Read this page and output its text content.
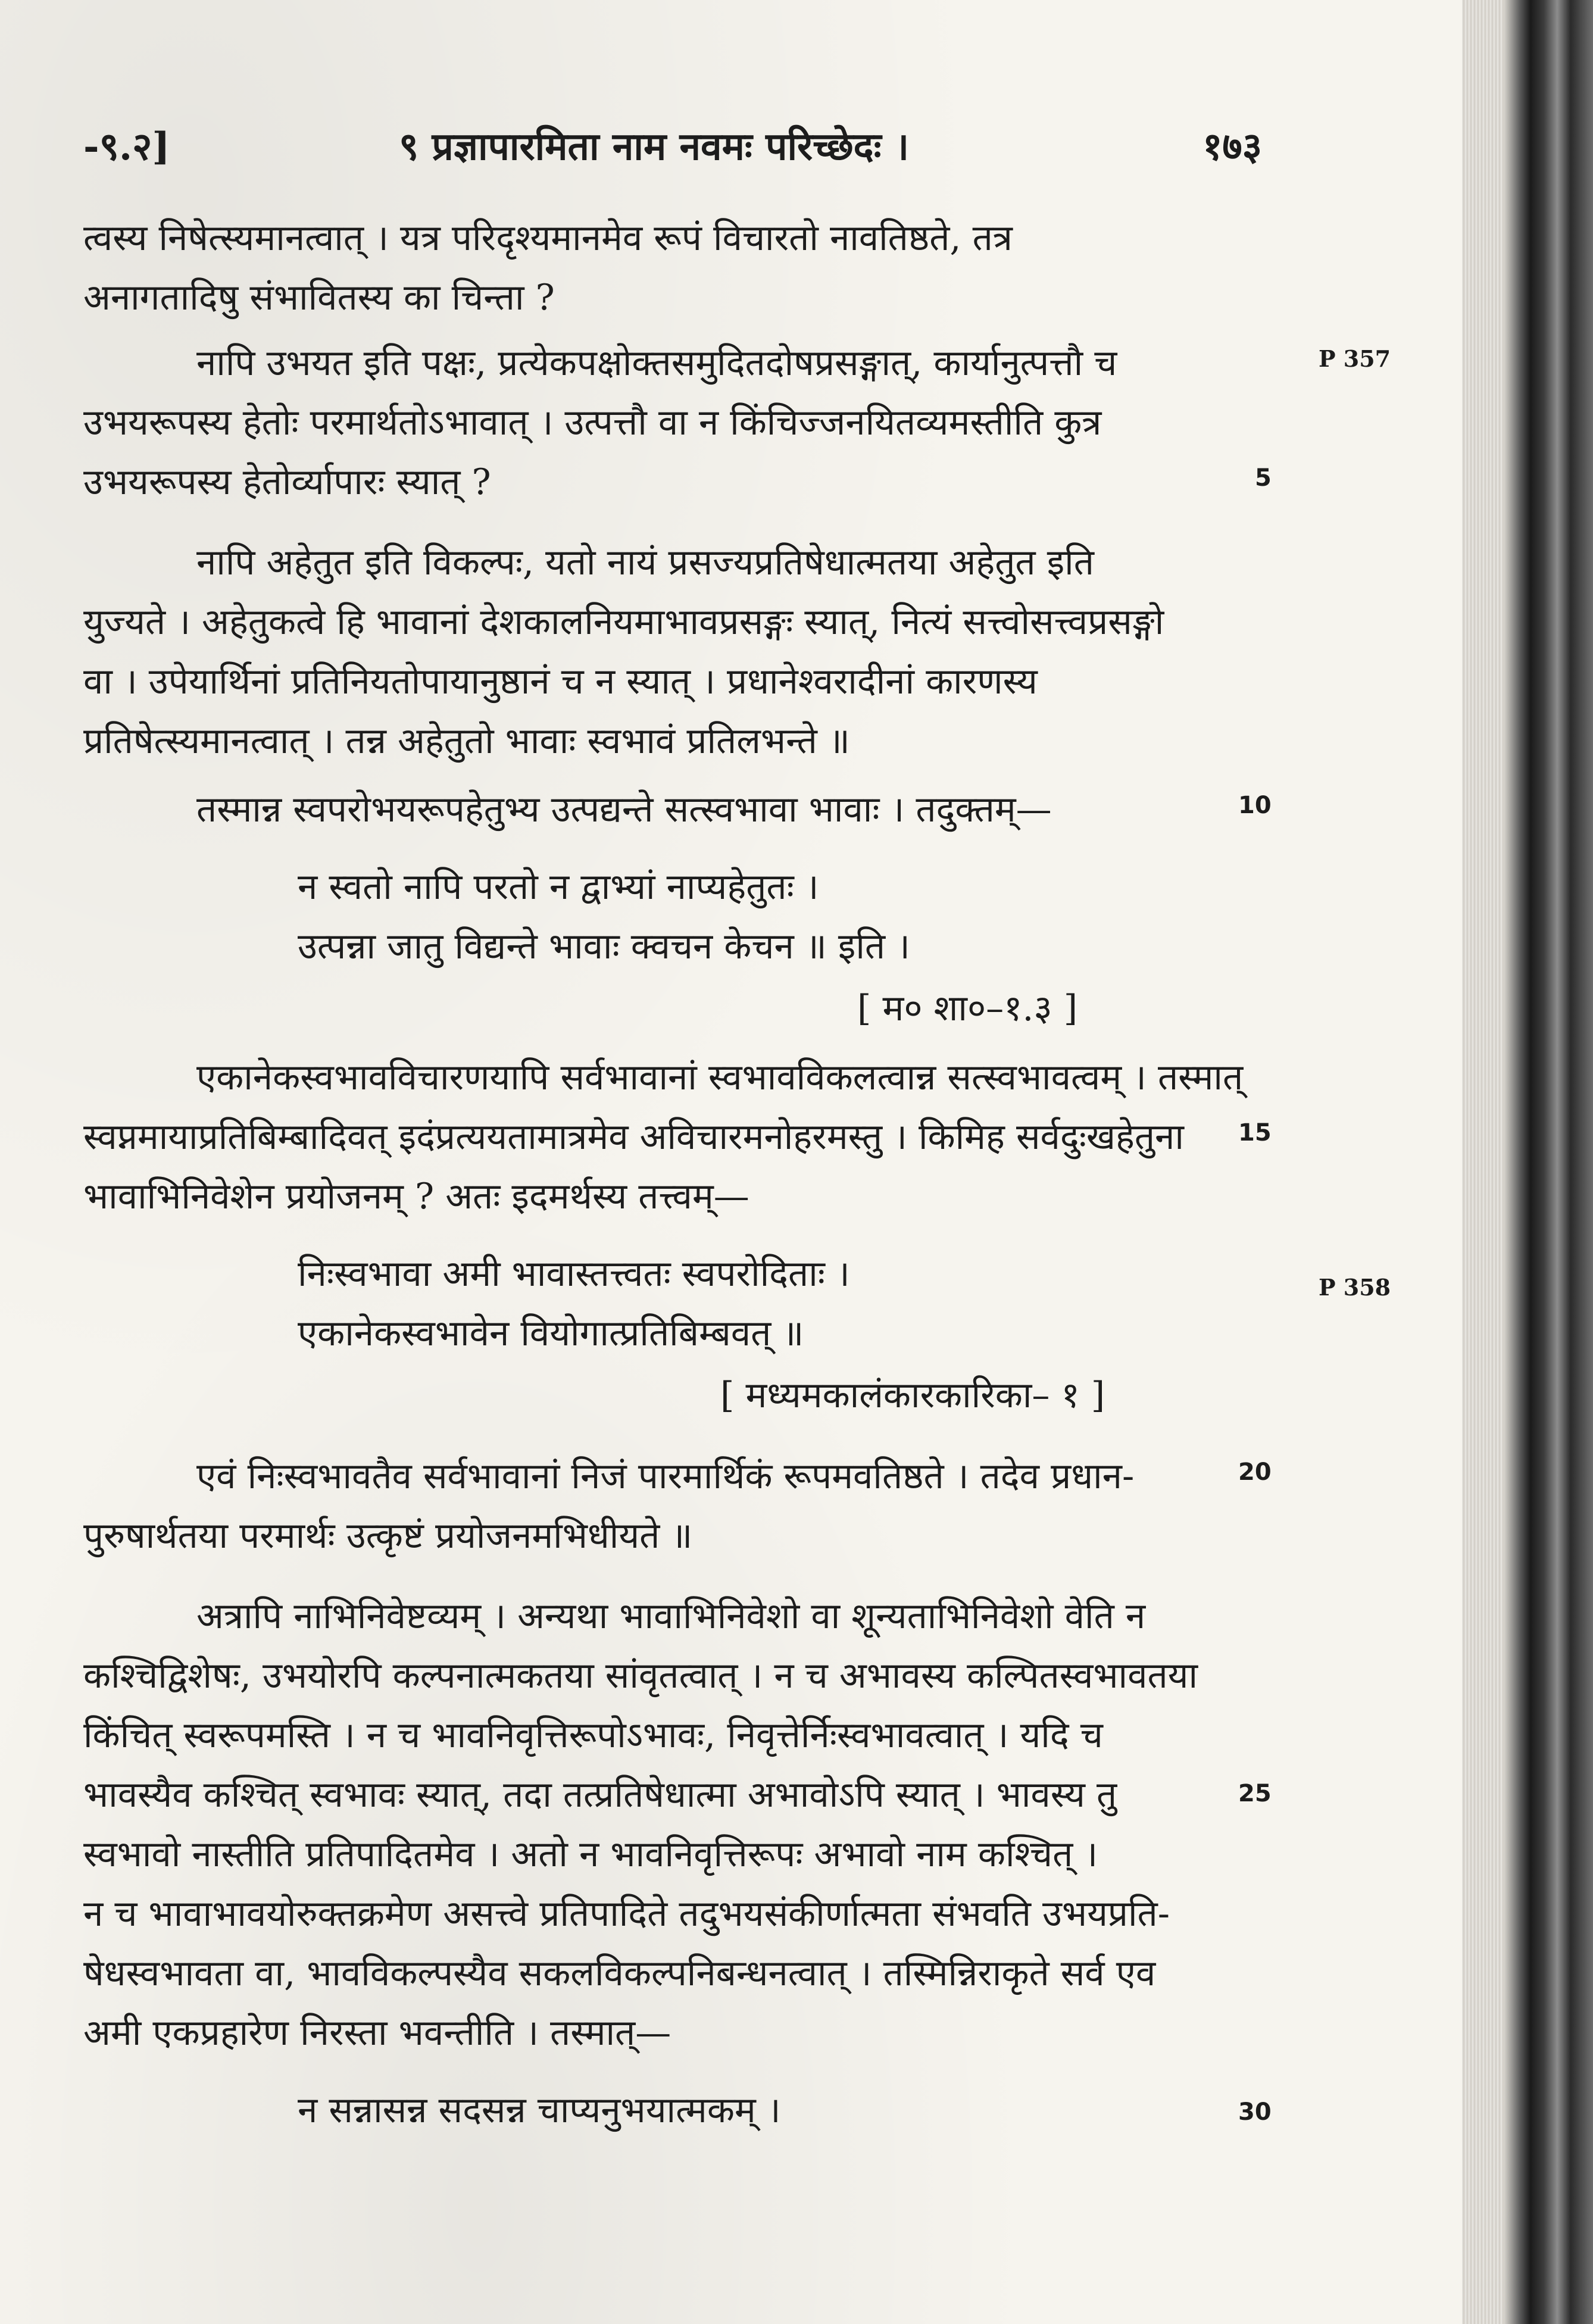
-९.२]	९ प्रज्ञापारमिता नाम नवमः परिच्छेदः ।	१७३
त्वस्य निषेत्स्यमानत्वात् । यत्र परिदृश्यमानमेव रूपं विचारतो नावतिष्ठते, तत्र
अनागतादिषु संभावितस्य का चिन्ता ?
नापि उभयत इति पक्षः, प्रत्येकपक्षोक्तसमुदितदोषप्रसङ्गात्, कार्यानुत्पत्तौ च
उभयरूपस्य हेतोः परमार्थतोऽभावात् । उत्पत्तौ वा न किंचिज्जनयितव्यमस्तीति कुत्र
उभयरूपस्य हेतोर्व्यापारः स्यात् ?
नापि अहेतुत इति विकल्पः, यतो नायं प्रसज्यप्रतिषेधात्मतया अहेतुत इति
युज्यते । अहेतुकत्वे हि भावानां देशकालनियमाभावप्रसङ्गः स्यात्, नित्यं सत्त्वोसत्त्वप्रसङ्गो
वा । उपेयार्थिनां प्रतिनियतोपायानुष्ठानं च न स्यात् । प्रधानेश्वरादीनां कारणस्य
प्रतिषेत्स्यमानत्वात् । तन्न अहेतुतो भावाः स्वभावं प्रतिलभन्ते ॥
तस्मान्न स्वपरोभयरूपहेतुभ्य उत्पद्यन्ते सत्स्वभावा भावाः । तदुक्तम्—
न स्वतो नापि परतो न द्वाभ्यां नाप्यहेतुतः ।
उत्पन्ना जातु विद्यन्ते भावाः क्वचन केचन ॥ इति ।
[ म० शा०–१.३ ]
एकानेकस्वभावविचारणयापि सर्वभावानां स्वभावविकलत्वान्न सत्स्वभावत्वम् । तस्मात्
स्वप्नमायाप्रतिबिम्बादिवत् इदंप्रत्ययतामात्रमेव अविचारमनोहरमस्तु । किमिह सर्वदुःखहेतुना
भावाभिनिवेशेन प्रयोजनम् ? अतः इदमर्थस्य तत्त्वम्—
निःस्वभावा अमी भावास्तत्त्वतः स्वपरोदिताः ।
एकानेकस्वभावेन वियोगात्प्रतिबिम्बवत् ॥
[ मध्यमकालंकारकारिका– १ ]
एवं निःस्वभावतैव सर्वभावानां निजं पारमार्थिकं रूपमवतिष्ठते । तदेव प्रधान-
पुरुषार्थतया परमार्थः उत्कृष्टं प्रयोजनमभिधीयते ॥
अत्रापि नाभिनिवेष्टव्यम् । अन्यथा भावाभिनिवेशो वा शून्यताभिनिवेशो वेति न
कश्चिद्विशेषः, उभयोरपि कल्पनात्मकतया सांवृतत्वात् । न च अभावस्य कल्पितस्वभावतया
किंचित् स्वरूपमस्ति । न च भावनिवृत्तिरूपोऽभावः, निवृत्तेर्निःस्वभावत्वात् । यदि च
भावस्यैव कश्चित् स्वभावः स्यात्, तदा तत्प्रतिषेधात्मा अभावोऽपि स्यात् । भावस्य तु
स्वभावो नास्तीति प्रतिपादितमेव । अतो न भावनिवृत्तिरूपः अभावो नाम कश्चित् ।
न च भावाभावयोरुक्तक्रमेण असत्त्वे प्रतिपादिते तदुभयसंकीर्णात्मता संभवति उभयप्रति-
षेधस्वभावता वा, भावविकल्पस्यैव सकलविकल्पनिबन्धनत्वात् । तस्मिन्निराकृते सर्व एव
अमी एकप्रहारेण निरस्ता भवन्तीति । तस्मात्—
न सन्नासन्न सदसन्न चाप्यनुभयात्मकम् ।
5
10
15
20
25
30
P 357
P 358
